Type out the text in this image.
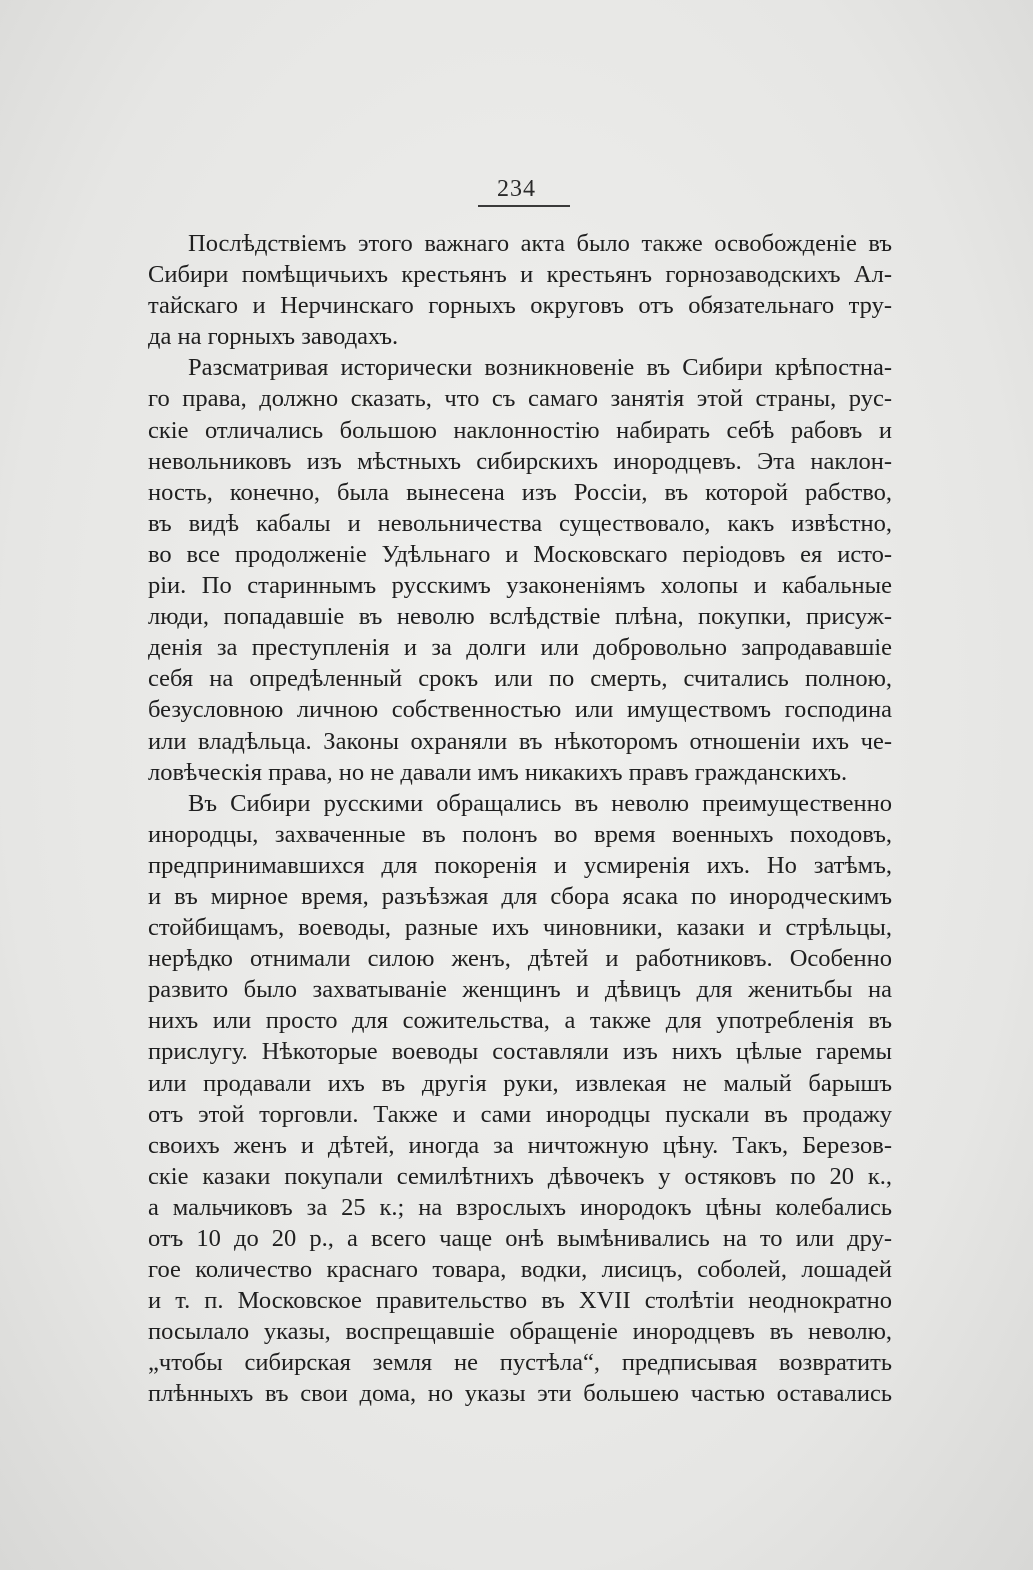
234
Послѣдствіемъ этого важнаго акта было также освобожденіе въ
Сибири помѣщичьихъ крестьянъ и крестьянъ горнозаводскихъ Ал-
тайскаго и Нерчинскаго горныхъ округовъ отъ обязательнаго тру-
да на горныхъ заводахъ.
Разсматривая исторически возникновеніе въ Сибири крѣпостна-
го права, должно сказать, что съ самаго занятія этой страны, рус-
скіе отличались большою наклонностію набирать себѣ рабовъ и
невольниковъ изъ мѣстныхъ сибирскихъ инородцевъ. Эта наклон-
ность, конечно, была вынесена изъ Россіи, въ которой рабство,
въ видѣ кабалы и невольничества существовало, какъ извѣстно,
во все продолженіе Удѣльнаго и Московскаго періодовъ ея исто-
ріи. По стариннымъ русскимъ узаконеніямъ холопы и кабальные
люди, попадавшіе въ неволю вслѣдствіе плѣна, покупки, присуж-
денія за преступленія и за долги или добровольно запродававшіе
себя на опредѣленный срокъ или по смерть, считались полною,
безусловною личною собственностью или имуществомъ господина
или владѣльца. Законы охраняли въ нѣкоторомъ отношеніи ихъ че-
ловѣческія права, но не давали имъ никакихъ правъ гражданскихъ.
Въ Сибири русскими обращались въ неволю преимущественно
инородцы, захваченные въ полонъ во время военныхъ походовъ,
предпринимавшихся для покоренія и усмиренія ихъ. Но затѣмъ,
и въ мирное время, разъѣзжая для сбора ясака по инородческимъ
стойбищамъ, воеводы, разные ихъ чиновники, казаки и стрѣльцы,
нерѣдко отнимали силою женъ, дѣтей и работниковъ. Особенно
развито было захватываніе женщинъ и дѣвицъ для женитьбы на
нихъ или просто для сожительства, а также для употребленія въ
прислугу. Нѣкоторые воеводы составляли изъ нихъ цѣлые гаремы
или продавали ихъ въ другія руки, извлекая не малый барышъ
отъ этой торговли. Также и сами инородцы пускали въ продажу
своихъ женъ и дѣтей, иногда за ничтожную цѣну. Такъ, Березов-
скіе казаки покупали семилѣтнихъ дѣвочекъ у остяковъ по 20 к.,
а мальчиковъ за 25 к.; на взрослыхъ инородокъ цѣны колебались
отъ 10 до 20 р., а всего чаще онѣ вымѣнивались на то или дру-
гое количество краснаго товара, водки, лисицъ, соболей, лошадей
и т. п. Московское правительство въ XVII столѣтіи неоднократно
посылало указы, воспрещавшіе обращеніе инородцевъ въ неволю,
„чтобы сибирская земля не пустѣла“, предписывая возвратить
плѣнныхъ въ свои дома, но указы эти большею частью оставались
